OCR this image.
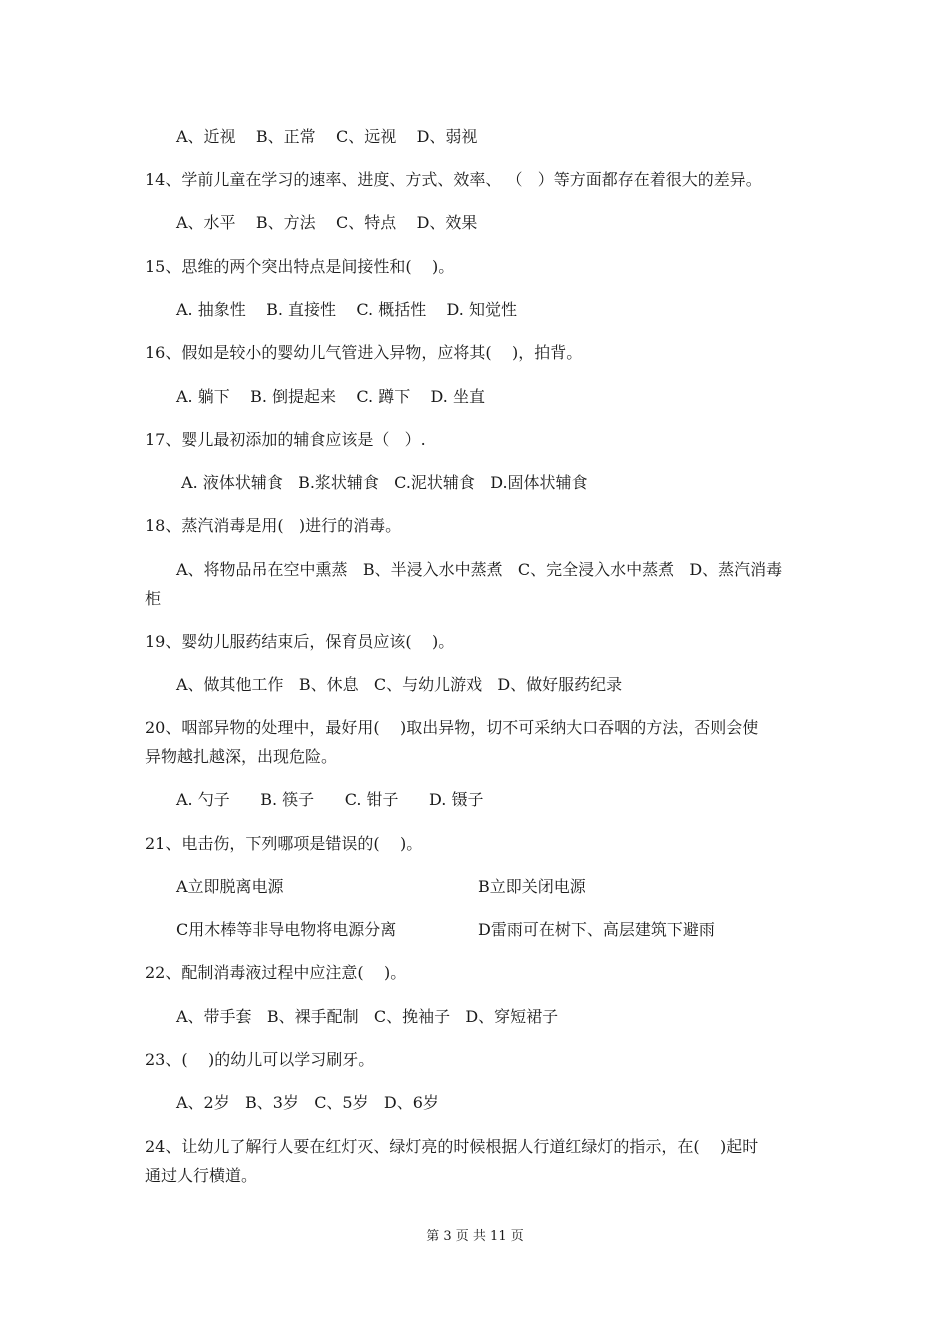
A、近视    B、正常    C、远视    D、弱视
14、学前儿童在学习的速率、进度、方式、效率、 （   ）等方面都存在着很大的差异。
A、水平    B、方法    C、特点    D、效果
15、思维的两个突出特点是间接性和(    )。
A. 抽象性    B. 直接性    C. 概括性    D. 知觉性
16、假如是较小的婴幼儿气管进入异物，应将其(    )，拍背。
A. 躺下    B. 倒提起来    C. 蹲下    D. 坐直
17、婴儿最初添加的辅食应该是（   ）.
A. 液体状辅食   B.浆状辅食   C.泥状辅食   D.固体状辅食
18、蒸汽消毒是用(   )进行的消毒。
A、将物品吊在空中熏蒸   B、半浸入水中蒸煮   C、完全浸入水中蒸煮   D、蒸汽消毒
柜
19、婴幼儿服药结束后，保育员应该(    )。
A、做其他工作   B、休息   C、与幼儿游戏   D、做好服药纪录
20、咽部异物的处理中，最好用(    )取出异物，切不可采纳大口吞咽的方法，否则会使
异物越扎越深，出现危险。
A. 勺子      B. 筷子      C. 钳子      D. 镊子
21、电击伤，下列哪项是错误的(    )。
A立即脱离电源	B立即关闭电源
C用木棒等非导电物将电源分离	D雷雨可在树下、高层建筑下避雨
22、配制消毒液过程中应注意(    )。
A、带手套   B、裸手配制   C、挽袖子   D、穿短裙子
23、(    )的幼儿可以学习刷牙。
A、2岁   B、3岁   C、5岁   D、6岁
24、让幼儿了解行人要在红灯灭、绿灯亮的时候根据人行道红绿灯的指示，在(    )起时
通过人行横道。
第 3 页 共 11 页
